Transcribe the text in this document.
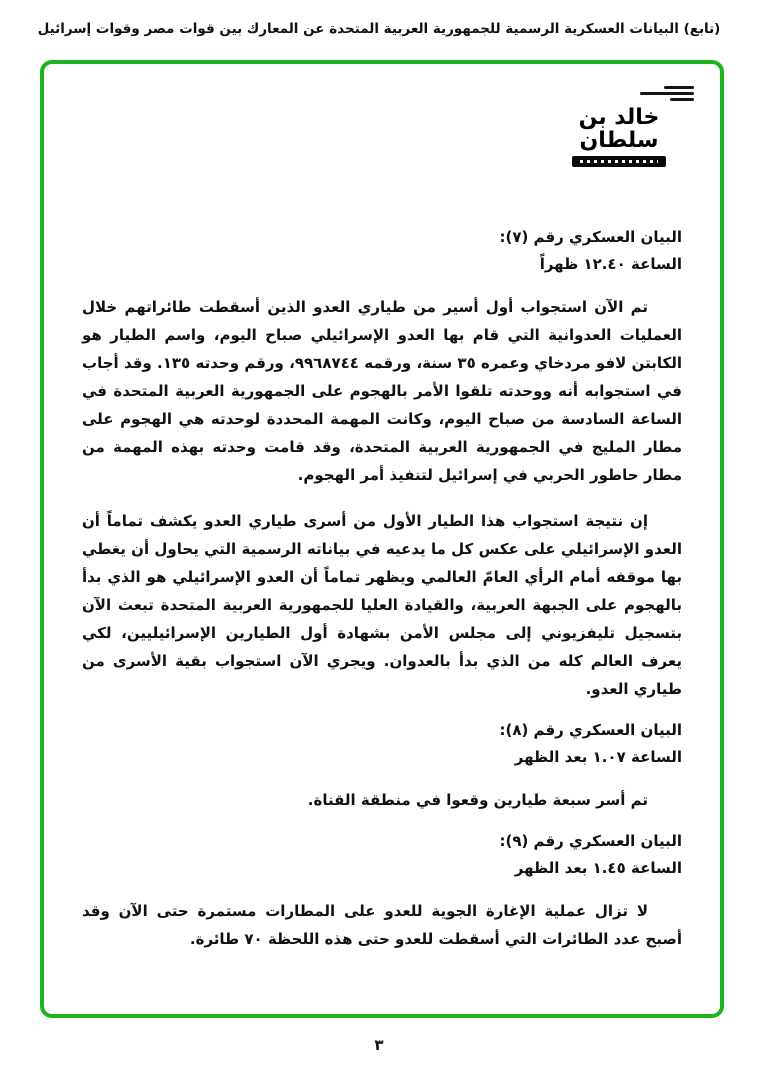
(تابع) البيانات العسكرية الرسمية للجمهورية العربية المتحدة عن المعارك بين قوات مصر وقوات إسرائيل
خالد بن سلطان
البيان العسكري رقم (٧):
الساعة ١٢.٤٠ ظهراً

تم الآن استجواب أول أسير من طياري العدو الذين أسقطت طائراتهم خلال العمليات العدوانية التي قام بها العدو الإسرائيلي صباح اليوم، واسم الطيار هو الكابتن لافو مردخاي وعمره ٣٥ سنة، ورقمه ٩٩٦٨٧٤٤، ورقم وحدته ١٣٥. وقد أجاب في استجوابه أنه ووحدته تلقوا الأمر بالهجوم على الجمهورية العربية المتحدة في الساعة السادسة من صباح اليوم، وكانت المهمة المحددة لوحدته هي الهجوم على مطار المليج في الجمهورية العربية المتحدة، وقد قامت وحدته بهذه المهمة من مطار حاطور الحربي في إسرائيل لتنفيذ أمر الهجوم.

إن نتيجة استجواب هذا الطيار الأول من أسرى طياري العدو يكشف تماماً أن العدو الإسرائيلي على عكس كل ما يدعيه في بياناته الرسمية التي يحاول أن يغطي بها موقفه أمام الرأي العامّ العالمي ويظهر تماماً أن العدو الإسرائيلي هو الذي بدأ بالهجوم على الجبهة العربية، والقيادة العليا للجمهورية العربية المتحدة تبعث الآن بتسجيل تليفزيوني إلى مجلس الأمن بشهادة أول الطيارين الإسرائيليين، لكي يعرف العالم كله من الذي بدأ بالعدوان. ويجري الآن استجواب بقية الأسرى من طياري العدو.

البيان العسكري رقم (٨):
الساعة ١.٠٧ بعد الظهر

تم أسر سبعة طيارين وقعوا في منطقة القناة.

البيان العسكري رقم (٩):
الساعة ١.٤٥ بعد الظهر

لا تزال عملية الإغارة الجوية للعدو على المطارات مستمرة حتى الآن وقد أصبح عدد الطائرات التي أسقطت للعدو حتى هذه اللحظة ٧٠ طائرة.

٣
